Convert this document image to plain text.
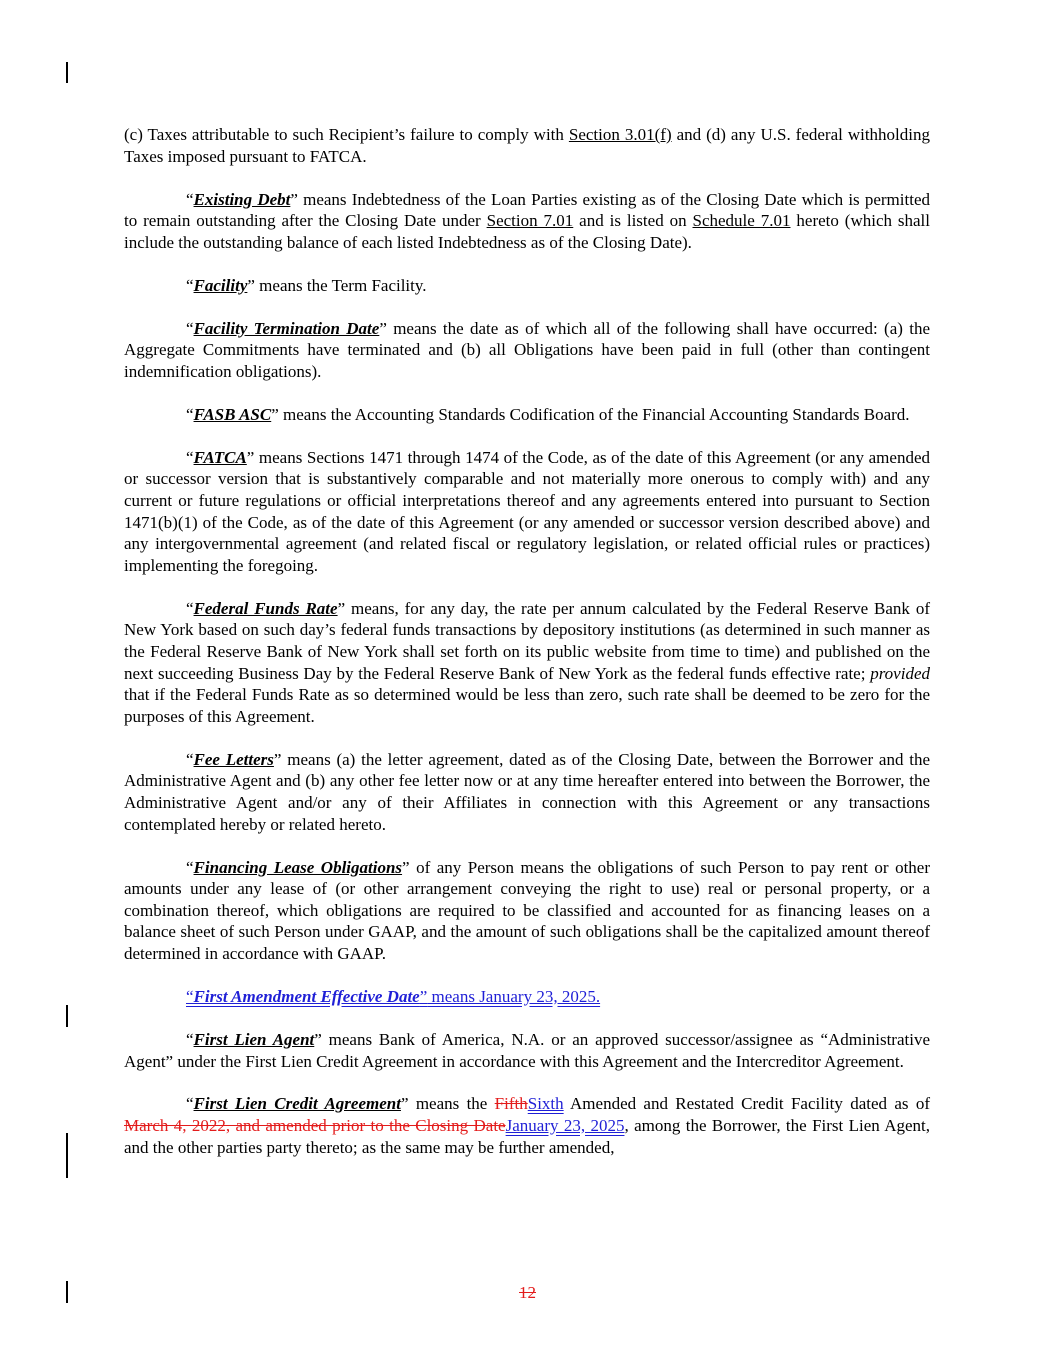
(c) Taxes attributable to such Recipient’s failure to comply with Section 3.01(f) and (d) any U.S. federal withholding Taxes imposed pursuant to FATCA.

“Existing Debt” means Indebtedness of the Loan Parties existing as of the Closing Date which is permitted to remain outstanding after the Closing Date under Section 7.01 and is listed on Schedule 7.01 hereto (which shall include the outstanding balance of each listed Indebtedness as of the Closing Date).

“Facility” means the Term Facility.

“Facility Termination Date” means the date as of which all of the following shall have occurred: (a) the Aggregate Commitments have terminated and (b) all Obligations have been paid in full (other than contingent indemnification obligations).

“FASB ASC” means the Accounting Standards Codification of the Financial Accounting Standards Board.

“FATCA” means Sections 1471 through 1474 of the Code, as of the date of this Agreement (or any amended or successor version that is substantively comparable and not materially more onerous to comply with) and any current or future regulations or official interpretations thereof and any agreements entered into pursuant to Section 1471(b)(1) of the Code, as of the date of this Agreement (or any amended or successor version described above) and any intergovernmental agreement (and related fiscal or regulatory legislation, or related official rules or practices) implementing the foregoing.

“Federal Funds Rate” means, for any day, the rate per annum calculated by the Federal Reserve Bank of New York based on such day’s federal funds transactions by depository institutions (as determined in such manner as the Federal Reserve Bank of New York shall set forth on its public website from time to time) and published on the next succeeding Business Day by the Federal Reserve Bank of New York as the federal funds effective rate; provided that if the Federal Funds Rate as so determined would be less than zero, such rate shall be deemed to be zero for the purposes of this Agreement.

“Fee Letters” means (a) the letter agreement, dated as of the Closing Date, between the Borrower and the Administrative Agent and (b) any other fee letter now or at any time hereafter entered into between the Borrower, the Administrative Agent and/or any of their Affiliates in connection with this Agreement or any transactions contemplated hereby or related hereto.

“Financing Lease Obligations” of any Person means the obligations of such Person to pay rent or other amounts under any lease of (or other arrangement conveying the right to use) real or personal property, or a combination thereof, which obligations are required to be classified and accounted for as financing leases on a balance sheet of such Person under GAAP, and the amount of such obligations shall be the capitalized amount thereof determined in accordance with GAAP.

“First Amendment Effective Date” means January 23, 2025.

“First Lien Agent” means Bank of America, N.A. or an approved successor/assignee as “Administrative Agent” under the First Lien Credit Agreement in accordance with this Agreement and the Intercreditor Agreement.

“First Lien Credit Agreement” means the FifthSixth Amended and Restated Credit Facility dated as of March 4, 2022, and amended prior to the Closing DateJanuary 23, 2025, among the Borrower, the First Lien Agent, and the other parties party thereto; as the same may be further amended,

12
